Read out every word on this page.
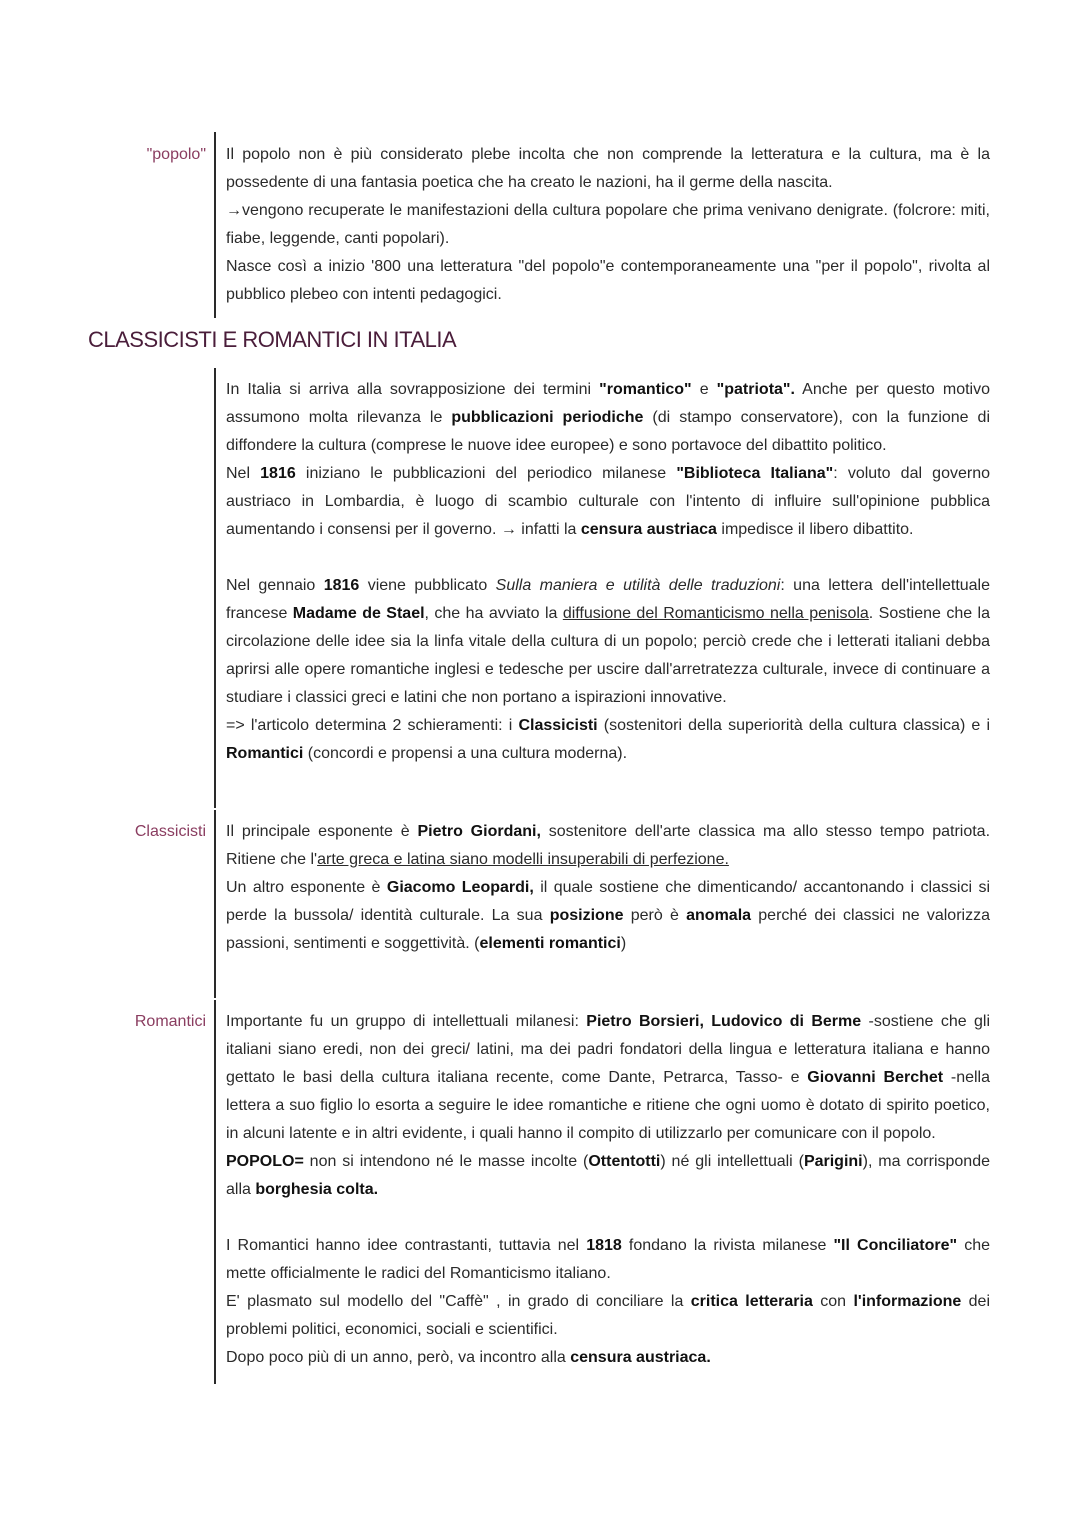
"popolo" Il popolo non è più considerato plebe incolta che non comprende la letteratura e la cultura, ma è la possedente di una fantasia poetica che ha creato le nazioni, ha il germe della nascita.

→vengono recuperate le manifestazioni della cultura popolare che prima venivano denigrate. (folcrore: miti, fiabe, leggende, canti popolari).

Nasce così a inizio '800 una letteratura "del popolo"e contemporaneamente una "per il popolo", rivolta al pubblico plebeo con intenti pedagogici.

CLASSICISTI E ROMANTICI IN ITALIA

In Italia si arriva alla sovrapposizione dei termini "romantico" e "patriota". Anche per questo motivo assumono molta rilevanza le pubblicazioni periodiche (di stampo conservatore), con la funzione di diffondere la cultura (comprese le nuove idee europee) e sono portavoce del dibattito politico.

Nel 1816 iniziano le pubblicazioni del periodico milanese "Biblioteca Italiana": voluto dal governo austriaco in Lombardia, è luogo di scambio culturale con l'intento di influire sull'opinione pubblica aumentando i consensi per il governo. → infatti la censura austriaca impedisce il libero dibattito.

Nel gennaio 1816 viene pubblicato Sulla maniera e utilità delle traduzioni: una lettera dell'intellettuale francese Madame de Stael, che ha avviato la diffusione del Romanticismo nella penisola. Sostiene che la circolazione delle idee sia la linfa vitale della cultura di un popolo; perciò crede che i letterati italiani debba aprirsi alle opere romantiche inglesi e tedesche per uscire dall'arretratezza culturale, invece di continuare a studiare i classici greci e latini che non portano a ispirazioni innovative.

=> l'articolo determina 2 schieramenti: i Classicisti (sostenitori della superiorità della cultura classica) e i Romantici (concordi e propensi a una cultura moderna).

Classicisti Il principale esponente è Pietro Giordani, sostenitore dell'arte classica ma allo stesso tempo patriota. Ritiene che l'arte greca e latina siano modelli insuperabili di perfezione.

Un altro esponente è Giacomo Leopardi, il quale sostiene che dimenticando/ accantonando i classici si perde la bussola/ identità culturale. La sua posizione però è anomala perché dei classici ne valorizza passioni, sentimenti e soggettività. (elementi romantici)

Romantici Importante fu un gruppo di intellettuali milanesi: Pietro Borsieri, Ludovico di Berme -sostiene che gli italiani siano eredi, non dei greci/ latini, ma dei padri fondatori della lingua e letteratura italiana e hanno gettato le basi della cultura italiana recente, come Dante, Petrarca, Tasso- e Giovanni Berchet -nella lettera a suo figlio lo esorta a seguire le idee romantiche e ritiene che ogni uomo è dotato di spirito poetico, in alcuni latente e in altri evidente, i quali hanno il compito di utilizzarlo per comunicare con il popolo.

POPOLO= non si intendono né le masse incolte (Ottentotti) né gli intellettuali (Parigini), ma corrisponde alla borghesia colta.

I Romantici hanno idee contrastanti, tuttavia nel 1818 fondano la rivista milanese "Il Conciliatore" che mette officialmente le radici del Romanticismo italiano.

E' plasmato sul modello del "Caffè" , in grado di conciliare la critica letteraria con l'informazione dei problemi politici, economici, sociali e scientifici.

Dopo poco più di un anno, però, va incontro alla censura austriaca.
